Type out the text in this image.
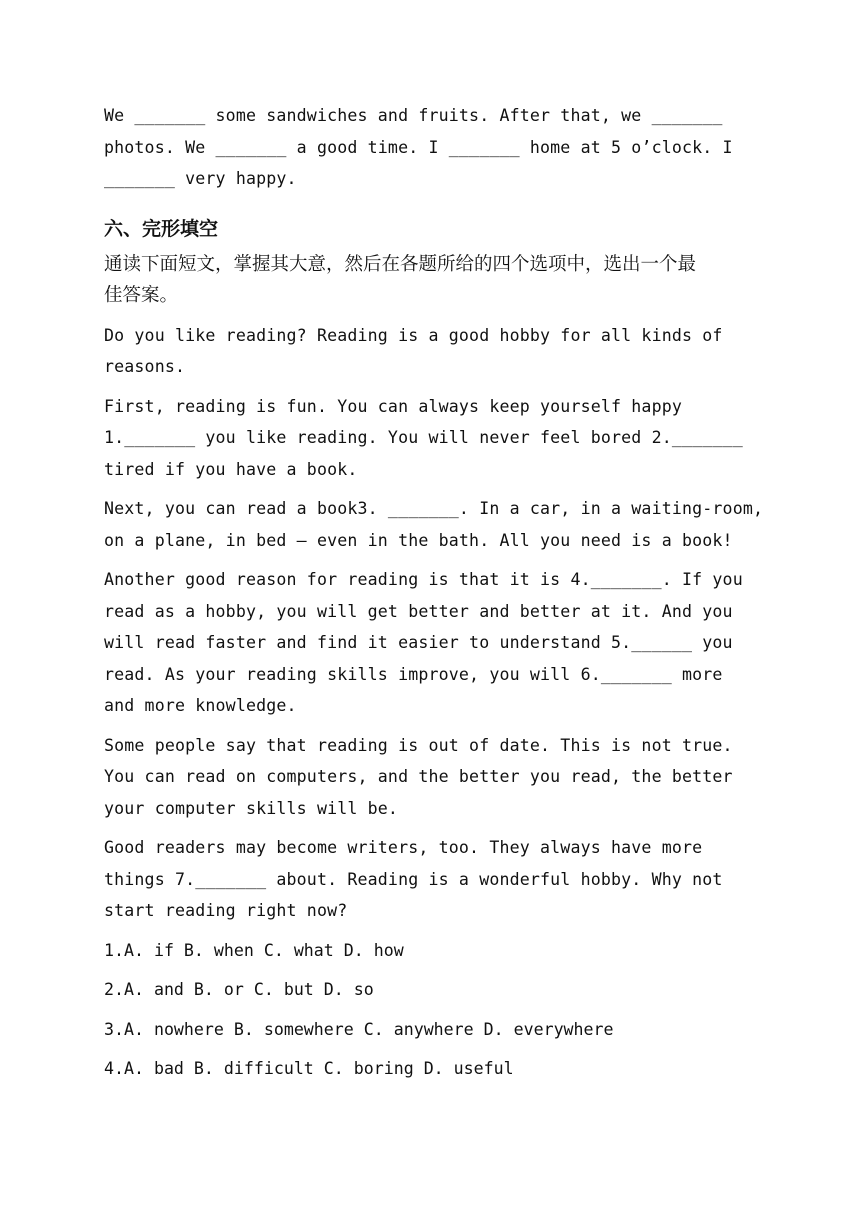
We _______ some sandwiches and fruits. After that, we _______
photos. We _______ a good time. I _______ home at 5 o’clock. I
_______ very happy.
六、完形填空
通读下面短文，掌握其大意，然后在各题所给的四个选项中，选出一个最
佳答案。
Do you like reading? Reading is a good hobby for all kinds of
reasons.
First, reading is fun. You can always keep yourself happy
1._______ you like reading. You will never feel bored 2._______
tired if you have a book.
Next, you can read a book3. _______. In a car, in a waiting-room,
on a plane, in bed — even in the bath. All you need is a book!
Another good reason for reading is that it is 4._______. If you
read as a hobby, you will get better and better at it. And you
will read faster and find it easier to understand 5.______ you
read. As your reading skills improve, you will 6._______ more
and more knowledge.
Some people say that reading is out of date. This is not true.
You can read on computers, and the better you read, the better
your computer skills will be.
Good readers may become writers, too. They always have more
things 7._______ about. Reading is a wonderful hobby. Why not
start reading right now?
1.A. if B. when C. what D. how
2.A. and B. or C. but D. so
3.A. nowhere B. somewhere C. anywhere D. everywhere
4.A. bad B. difficult C. boring D. useful
